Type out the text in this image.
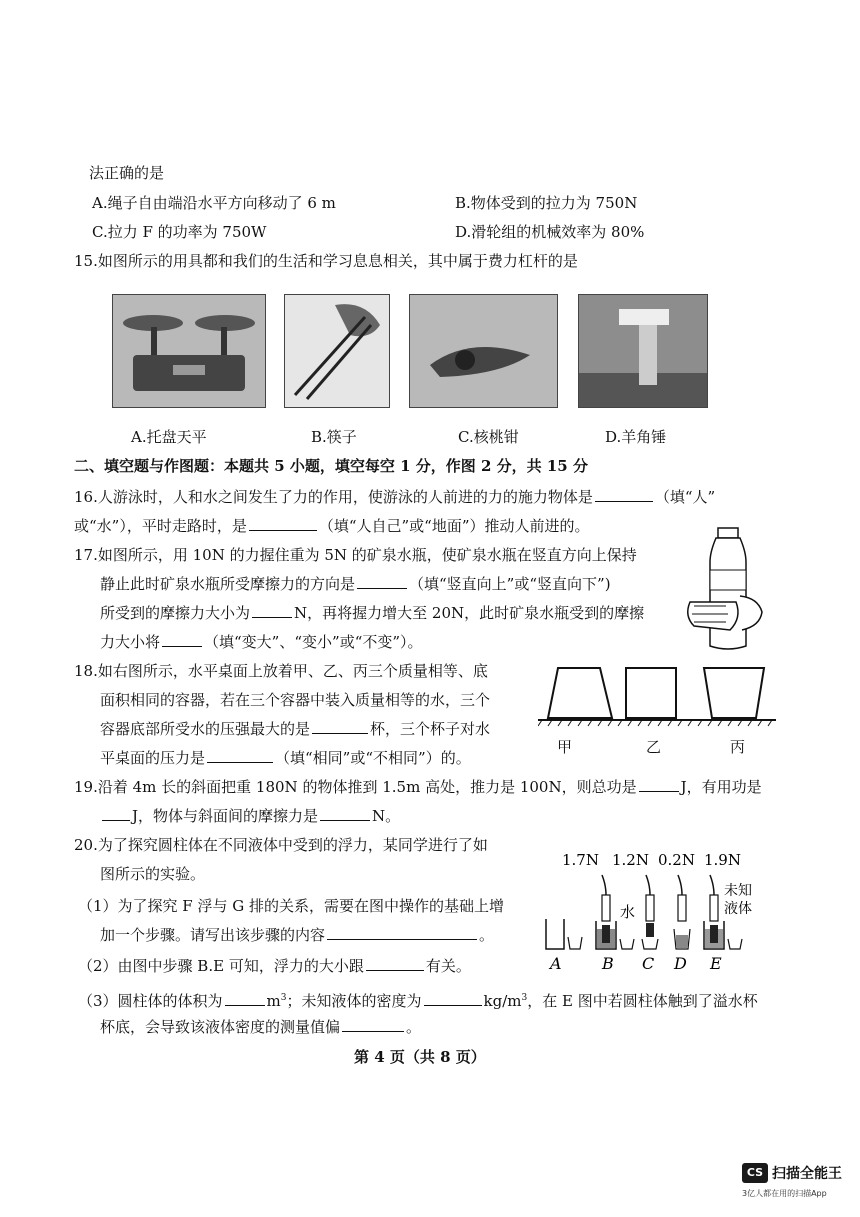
法正确的是
A.绳子自由端沿水平方向移动了 6 m	B.物体受到的拉力为 750N
C.拉力 F 的功率为 750W	D.滑轮组的机械效率为 80%
15.如图所示的用具都和我们的生活和学习息息相关，其中属于费力杠杆的是
A.托盘天平	B.筷子	C.核桃钳	D.羊角锤
二、填空题与作图题：本题共 5 小题，填空每空 1 分，作图 2 分，共 15 分
16.人游泳时，人和水之间发生了力的作用，使游泳的人前进的力的施力物体是	（填“人”
或“水”），平时走路时，是	（填“人自己”或“地面”）推动人前进的。
17.如图所示，用 10N 的力握住重为 5N 的矿泉水瓶，使矿泉水瓶在竖直方向上保持
静止此时矿泉水瓶所受摩擦力的方向是	（填“竖直向上”或“竖直向下”)
所受到的摩擦力大小为	N，再将握力增大至 20N，此时矿泉水瓶受到的摩擦
力大小将	（填“变大”、“变小”或“不变”）。
18.如右图所示，水平桌面上放着甲、乙、丙三个质量相等、底
面积相同的容器，若在三个容器中装入质量相等的水，三个
容器底部所受水的压强最大的是	杯，三个杯子对水
平桌面的压力是	（填“相同”或“不相同”）的。
甲	乙	丙
19.沿着 4m 长的斜面把重 180N 的物体推到 1.5m 高处，推力是 100N，则总功是	J，有用功是
J，物体与斜面间的摩擦力是	N。
20.为了探究圆柱体在不同液体中受到的浮力，某同学进行了如
图所示的实验。
（1）为了探究 F 浮与 G 排的关系，需要在图中操作的基础上增
加一个步骤。请写出该步骤的内容	。
（2）由图中步骤 B.E 可知，浮力的大小跟	有关。
（3）圆柱体的体积为	$m^3$；未知液体的密度为	$kg/m^3$，在 E 图中若圆柱体触到了溢水杯
杯底，会导致该液体密度的测量值偏	。
1.7N 1.2N 0.2N 1.9N
水
未知
液体
A	B C D E
第 4 页（共 8 页）
CS 扫描全能王
3亿人都在用的扫描App
